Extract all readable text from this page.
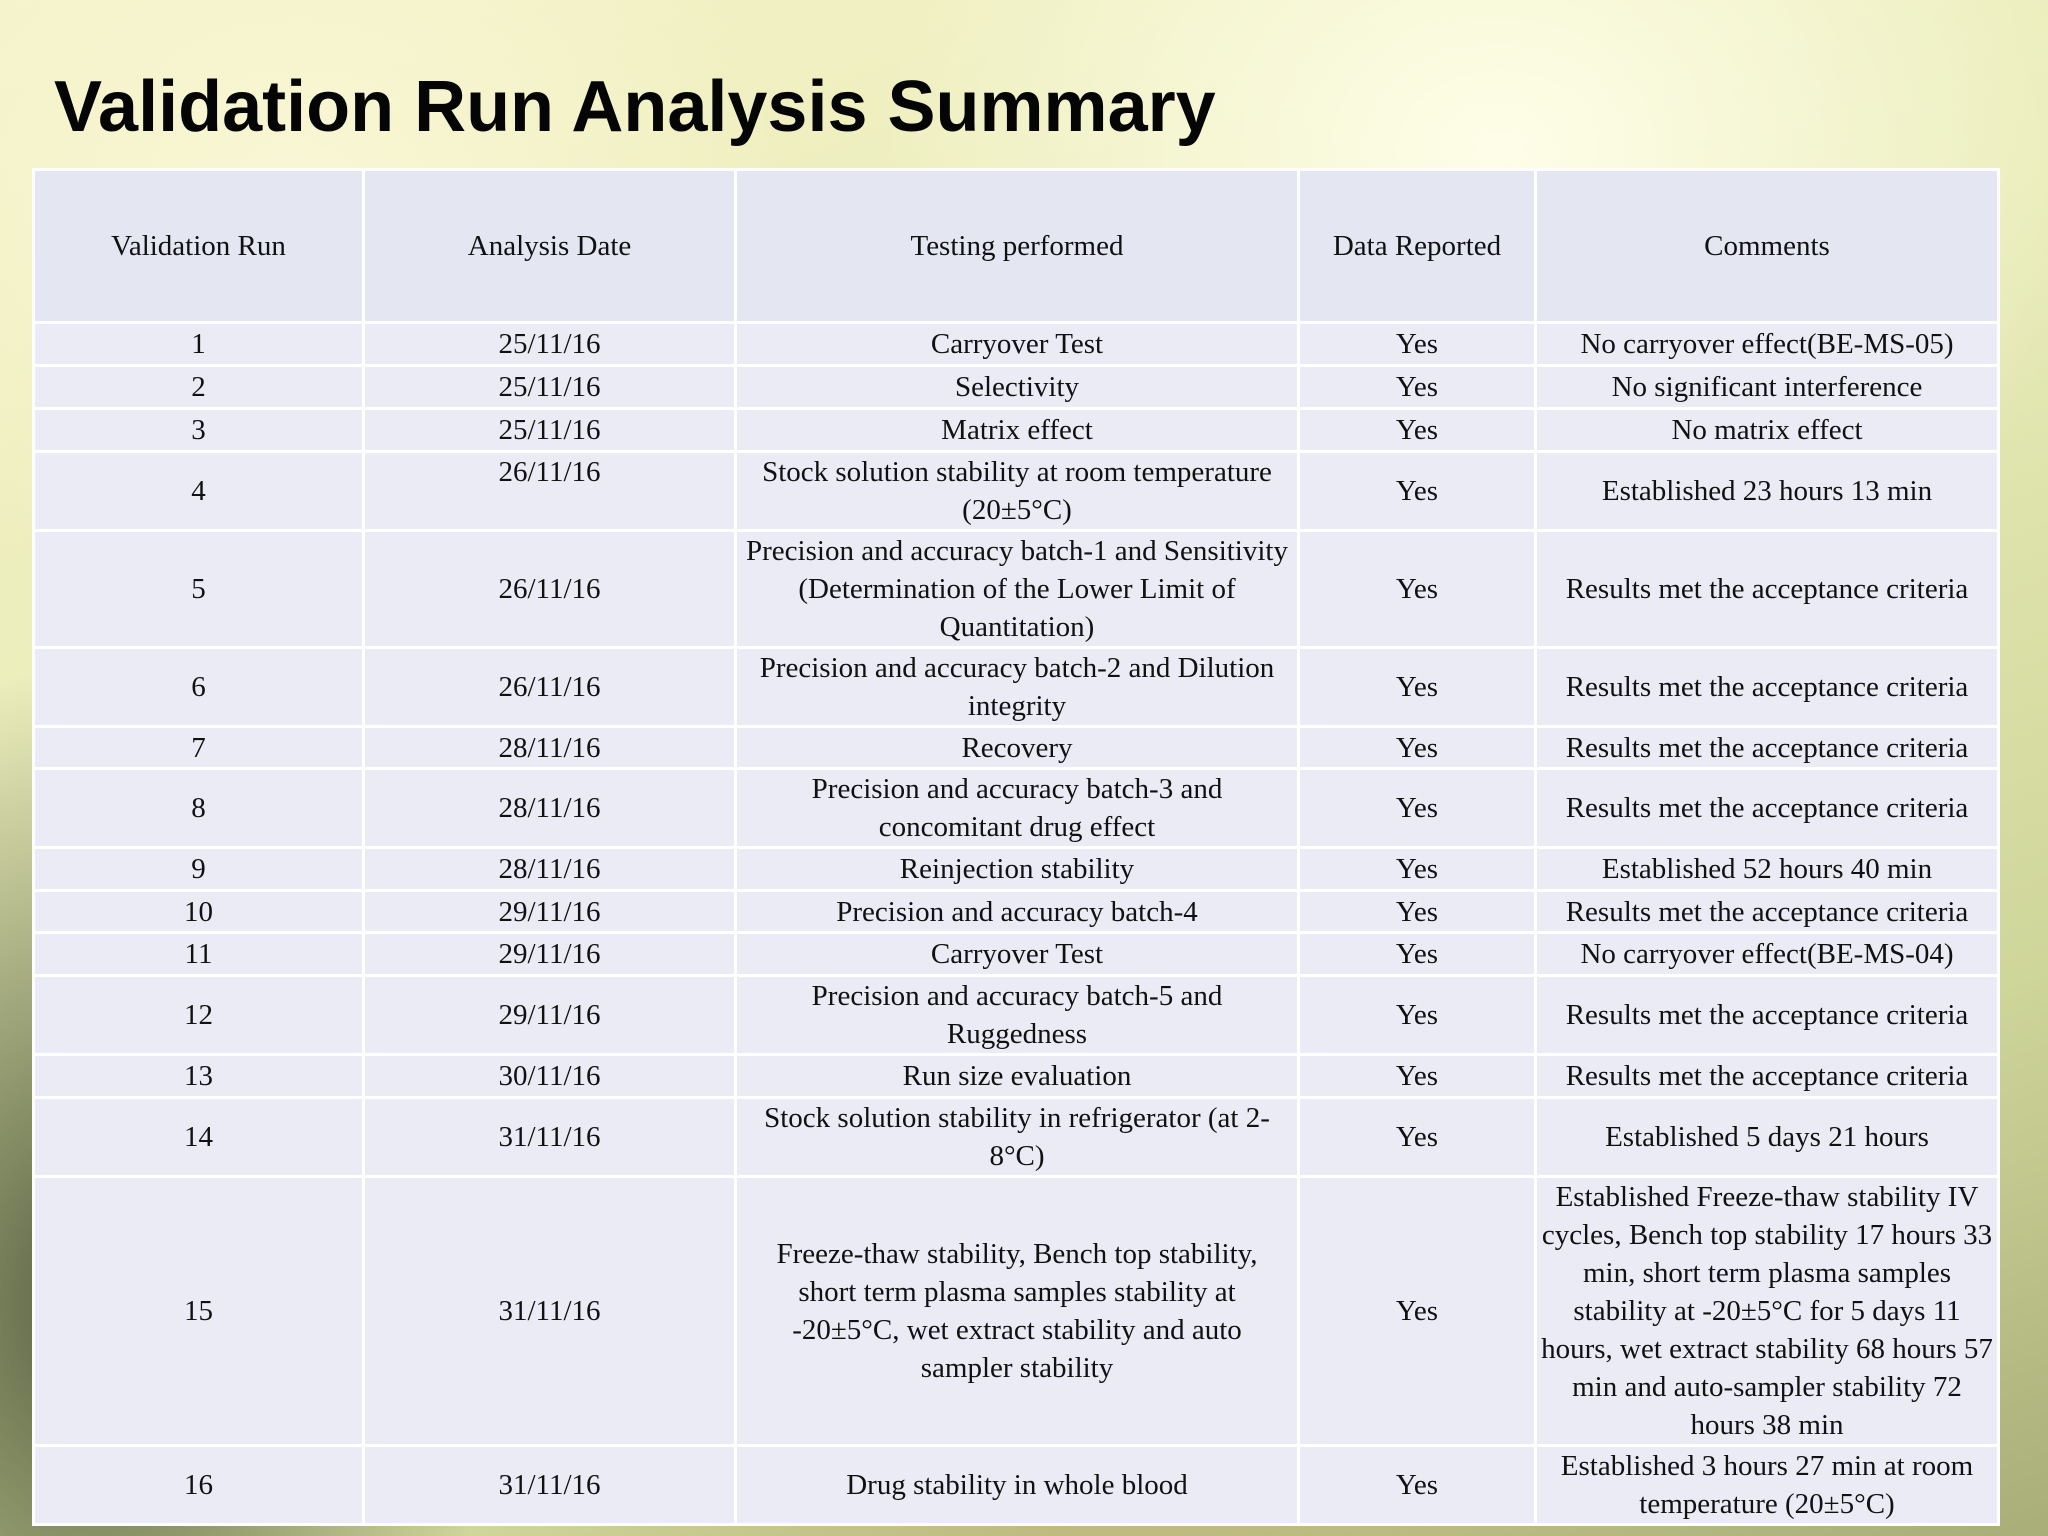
Validation Run Analysis Summary
Validation Run	Analysis Date	Testing performed	Data Reported	Comments
1	25/11/16	Carryover Test	Yes	No carryover effect(BE-MS-05)
2	25/11/16	Selectivity	Yes	No significant interference
3	25/11/16	Matrix effect	Yes	No matrix effect
4	26/11/16	Stock solution stability at room temperature (20±5°C)	Yes	Established 23 hours 13 min
5	26/11/16	Precision and accuracy batch-1 and Sensitivity (Determination of the Lower Limit of Quantitation)	Yes	Results met the acceptance criteria
6	26/11/16	Precision and accuracy batch-2 and Dilution integrity	Yes	Results met the acceptance criteria
7	28/11/16	Recovery	Yes	Results met the acceptance criteria
8	28/11/16	Precision and accuracy batch-3 and concomitant drug effect	Yes	Results met the acceptance criteria
9	28/11/16	Reinjection stability	Yes	Established 52 hours 40 min
10	29/11/16	Precision and accuracy batch-4	Yes	Results met the acceptance criteria
11	29/11/16	Carryover Test	Yes	No carryover effect(BE-MS-04)
12	29/11/16	Precision and accuracy batch-5 and Ruggedness	Yes	Results met the acceptance criteria
13	30/11/16	Run size evaluation	Yes	Results met the acceptance criteria
14	31/11/16	Stock solution stability in refrigerator (at 2-8°C)	Yes	Established 5 days 21 hours
15	31/11/16	Freeze-thaw stability, Bench top stability, short term plasma samples stability at -20±5°C, wet extract stability and auto sampler stability	Yes	Established Freeze-thaw stability IV cycles, Bench top stability 17 hours 33 min, short term plasma samples stability at -20±5°C for 5 days 11 hours, wet extract stability 68 hours 57 min and auto-sampler stability 72 hours 38 min
16	31/11/16	Drug stability in whole blood	Yes	Established 3 hours 27 min at room temperature (20±5°C)
